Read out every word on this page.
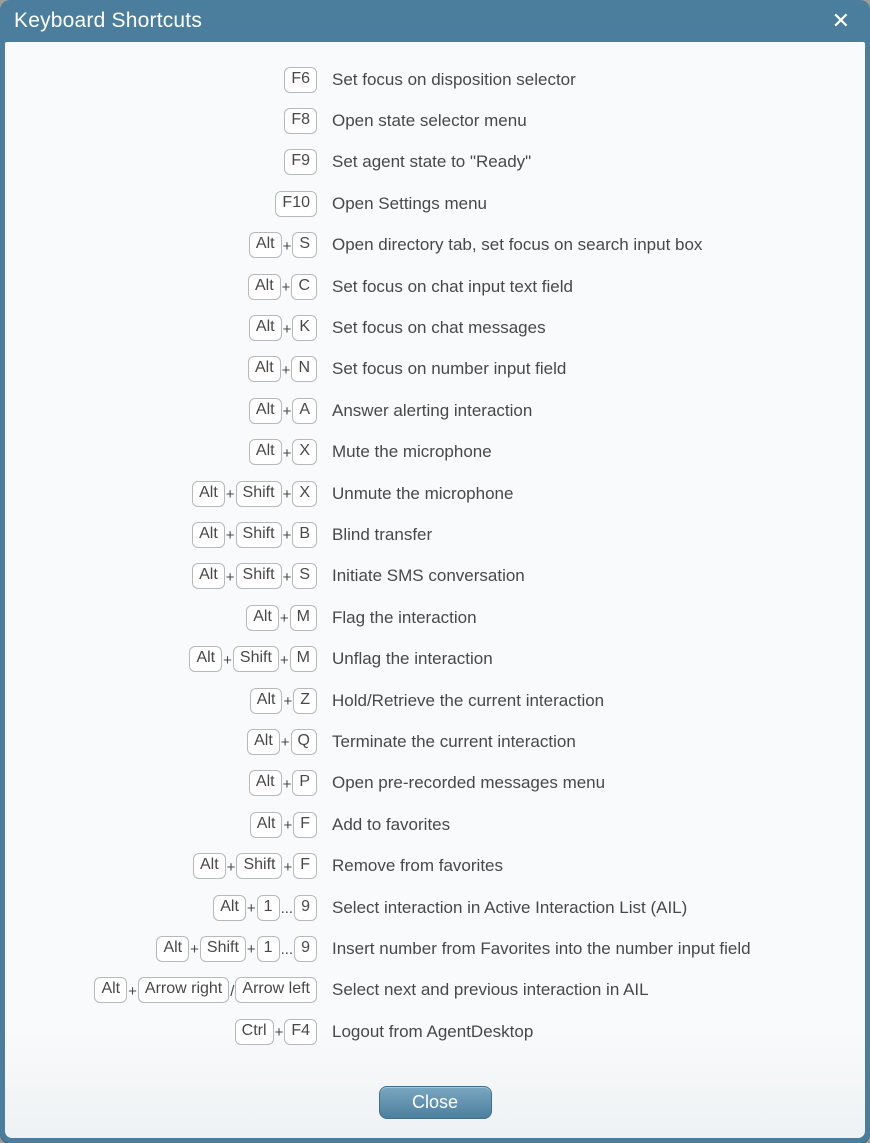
Keyboard Shortcuts	✕
F6	Set focus on disposition selector
F8	Open state selector menu
F9	Set agent state to "Ready"
F10	Open Settings menu
Alt + S	Open directory tab, set focus on search input box
Alt + C	Set focus on chat input text field
Alt + K	Set focus on chat messages
Alt + N	Set focus on number input field
Alt + A	Answer alerting interaction
Alt + X	Mute the microphone
Alt + Shift + X	Unmute the microphone
Alt + Shift + B	Blind transfer
Alt + Shift + S	Initiate SMS conversation
Alt + M	Flag the interaction
Alt + Shift + M	Unflag the interaction
Alt + Z	Hold/Retrieve the current interaction
Alt + Q	Terminate the current interaction
Alt + P	Open pre-recorded messages menu
Alt + F	Add to favorites
Alt + Shift + F	Remove from favorites
Alt + 1 ... 9	Select interaction in Active Interaction List (AIL)
Alt + Shift + 1 ... 9	Insert number from Favorites into the number input field
Alt + Arrow right / Arrow left	Select next and previous interaction in AIL
Ctrl + F4	Logout from AgentDesktop
Close
